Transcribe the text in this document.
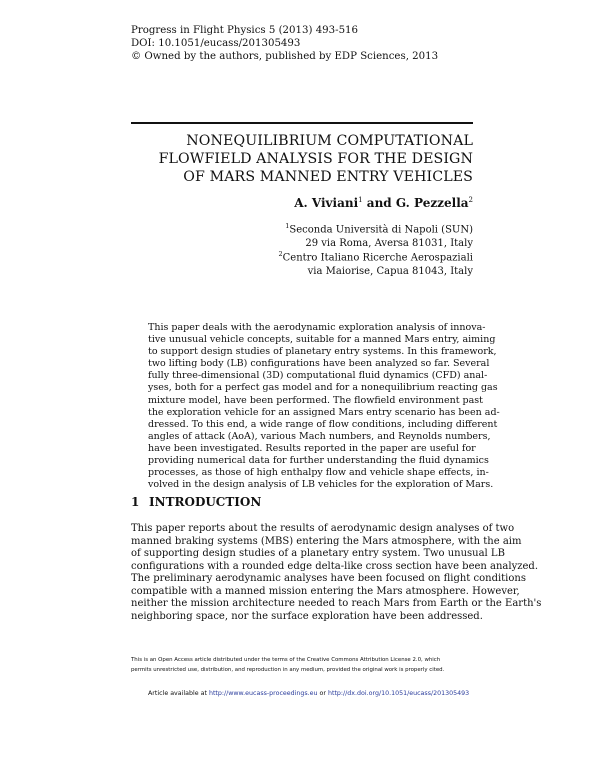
Progress in Flight Physics 5 (2013) 493-516
DOI: 10.1051/eucass/201305493
© Owned by the authors, published by EDP Sciences, 2013
NONEQUILIBRIUM COMPUTATIONAL
FLOWFIELD ANALYSIS FOR THE DESIGN
OF MARS MANNED ENTRY VEHICLES
A. Viviani$^1$ and G. Pezzella$^2$
$^1$Seconda Università di Napoli (SUN)
29 via Roma, Aversa 81031, Italy
$^2$Centro Italiano Ricerche Aerospaziali
via Maiorise, Capua 81043, Italy
This paper deals with the aerodynamic exploration analysis of innova-
tive unusual vehicle concepts, suitable for a manned Mars entry, aiming
to support design studies of planetary entry systems. In this framework,
two lifting body (LB) configurations have been analyzed so far. Several
fully three-dimensional (3D) computational fluid dynamics (CFD) anal-
yses, both for a perfect gas model and for a nonequilibrium reacting gas
mixture model, have been performed. The flowfield environment past
the exploration vehicle for an assigned Mars entry scenario has been ad-
dressed. To this end, a wide range of flow conditions, including different
angles of attack (AoA), various Mach numbers, and Reynolds numbers,
have been investigated. Results reported in the paper are useful for
providing numerical data for further understanding the fluid dynamics
processes, as those of high enthalpy flow and vehicle shape effects, in-
volved in the design analysis of LB vehicles for the exploration of Mars.
1 INTRODUCTION
This paper reports about the results of aerodynamic design analyses of two
manned braking systems (MBS) entering the Mars atmosphere, with the aim
of supporting design studies of a planetary entry system. Two unusual LB
configurations with a rounded edge delta-like cross section have been analyzed.
The preliminary aerodynamic analyses have been focused on flight conditions
compatible with a manned mission entering the Mars atmosphere. However,
neither the mission architecture needed to reach Mars from Earth or the Earth's
neighboring space, nor the surface exploration have been addressed.
This is an Open Access article distributed under the terms of the Creative Commons Attribution License 2.0, which
permits unrestricted use, distribution, and reproduction in any medium, provided the original work is properly cited.
Article available at http://www.eucass-proceedings.eu or http://dx.doi.org/10.1051/eucass/201305493
